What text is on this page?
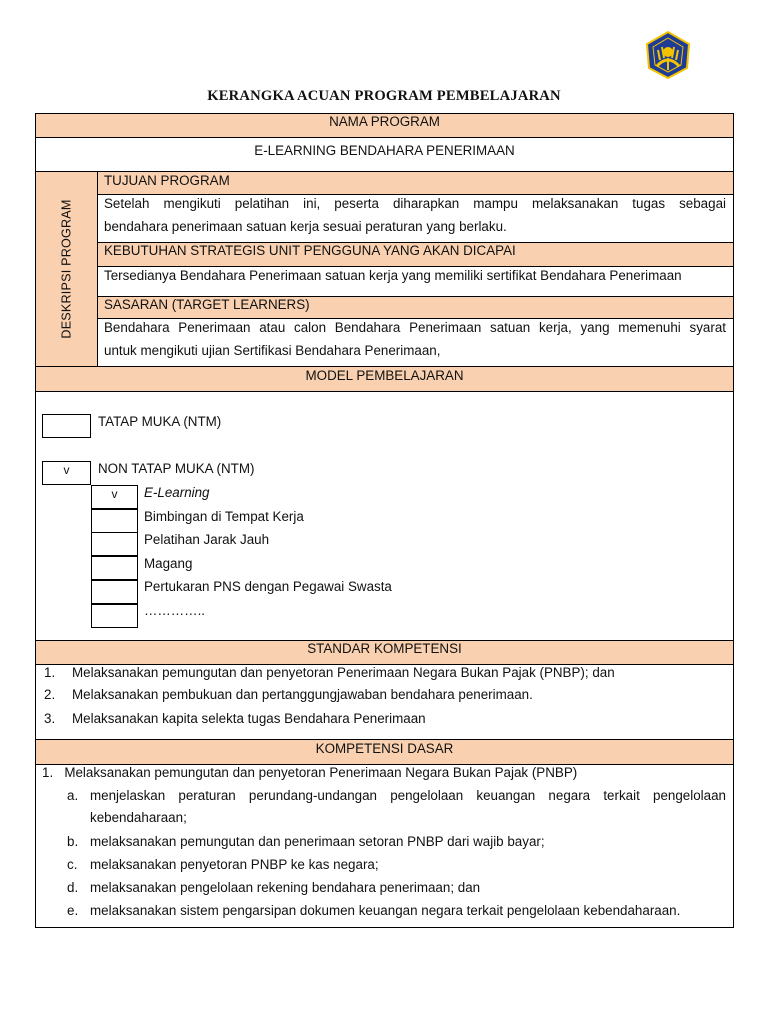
KERANGKA ACUAN PROGRAM PEMBELAJARAN
NAMA PROGRAM
E-LEARNING BENDAHARA PENERIMAAN
DESKRIPSI PROGRAM
TUJUAN PROGRAM
Setelah mengikuti pelatihan ini, peserta diharapkan mampu melaksanakan tugas sebagai
bendahara penerimaan satuan kerja sesuai peraturan yang berlaku.
KEBUTUHAN STRATEGIS UNIT PENGGUNA YANG AKAN DICAPAI
Tersedianya Bendahara Penerimaan satuan kerja yang memiliki sertifikat Bendahara Penerimaan
SASARAN (TARGET LEARNERS)
Bendahara Penerimaan atau calon Bendahara Penerimaan satuan kerja, yang memenuhi syarat
untuk mengikuti ujian Sertifikasi Bendahara Penerimaan,
MODEL PEMBELAJARAN
TATAP MUKA (NTM)
v	NON TATAP MUKA (NTM)
v	E-Learning
Bimbingan di Tempat Kerja
Pelatihan Jarak Jauh
Magang
Pertukaran PNS dengan Pegawai Swasta
…………..
STANDAR KOMPETENSI
1. Melaksanakan pemungutan dan penyetoran Penerimaan Negara Bukan Pajak (PNBP); dan
2. Melaksanakan pembukuan dan pertanggungjawaban bendahara penerimaan.
3. Melaksanakan kapita selekta tugas Bendahara Penerimaan
KOMPETENSI DASAR
1.   Melaksanakan pemungutan dan penyetoran Penerimaan Negara Bukan Pajak (PNBP)
a. menjelaskan peraturan perundang-undangan pengelolaan keuangan negara terkait pengelolaan
kebendaharaan;
b. melaksanakan pemungutan dan penerimaan setoran PNBP dari wajib bayar;
c. melaksanakan penyetoran PNBP ke kas negara;
d. melaksanakan pengelolaan rekening bendahara penerimaan; dan
e. melaksanakan sistem pengarsipan dokumen keuangan negara terkait pengelolaan kebendaharaan.
